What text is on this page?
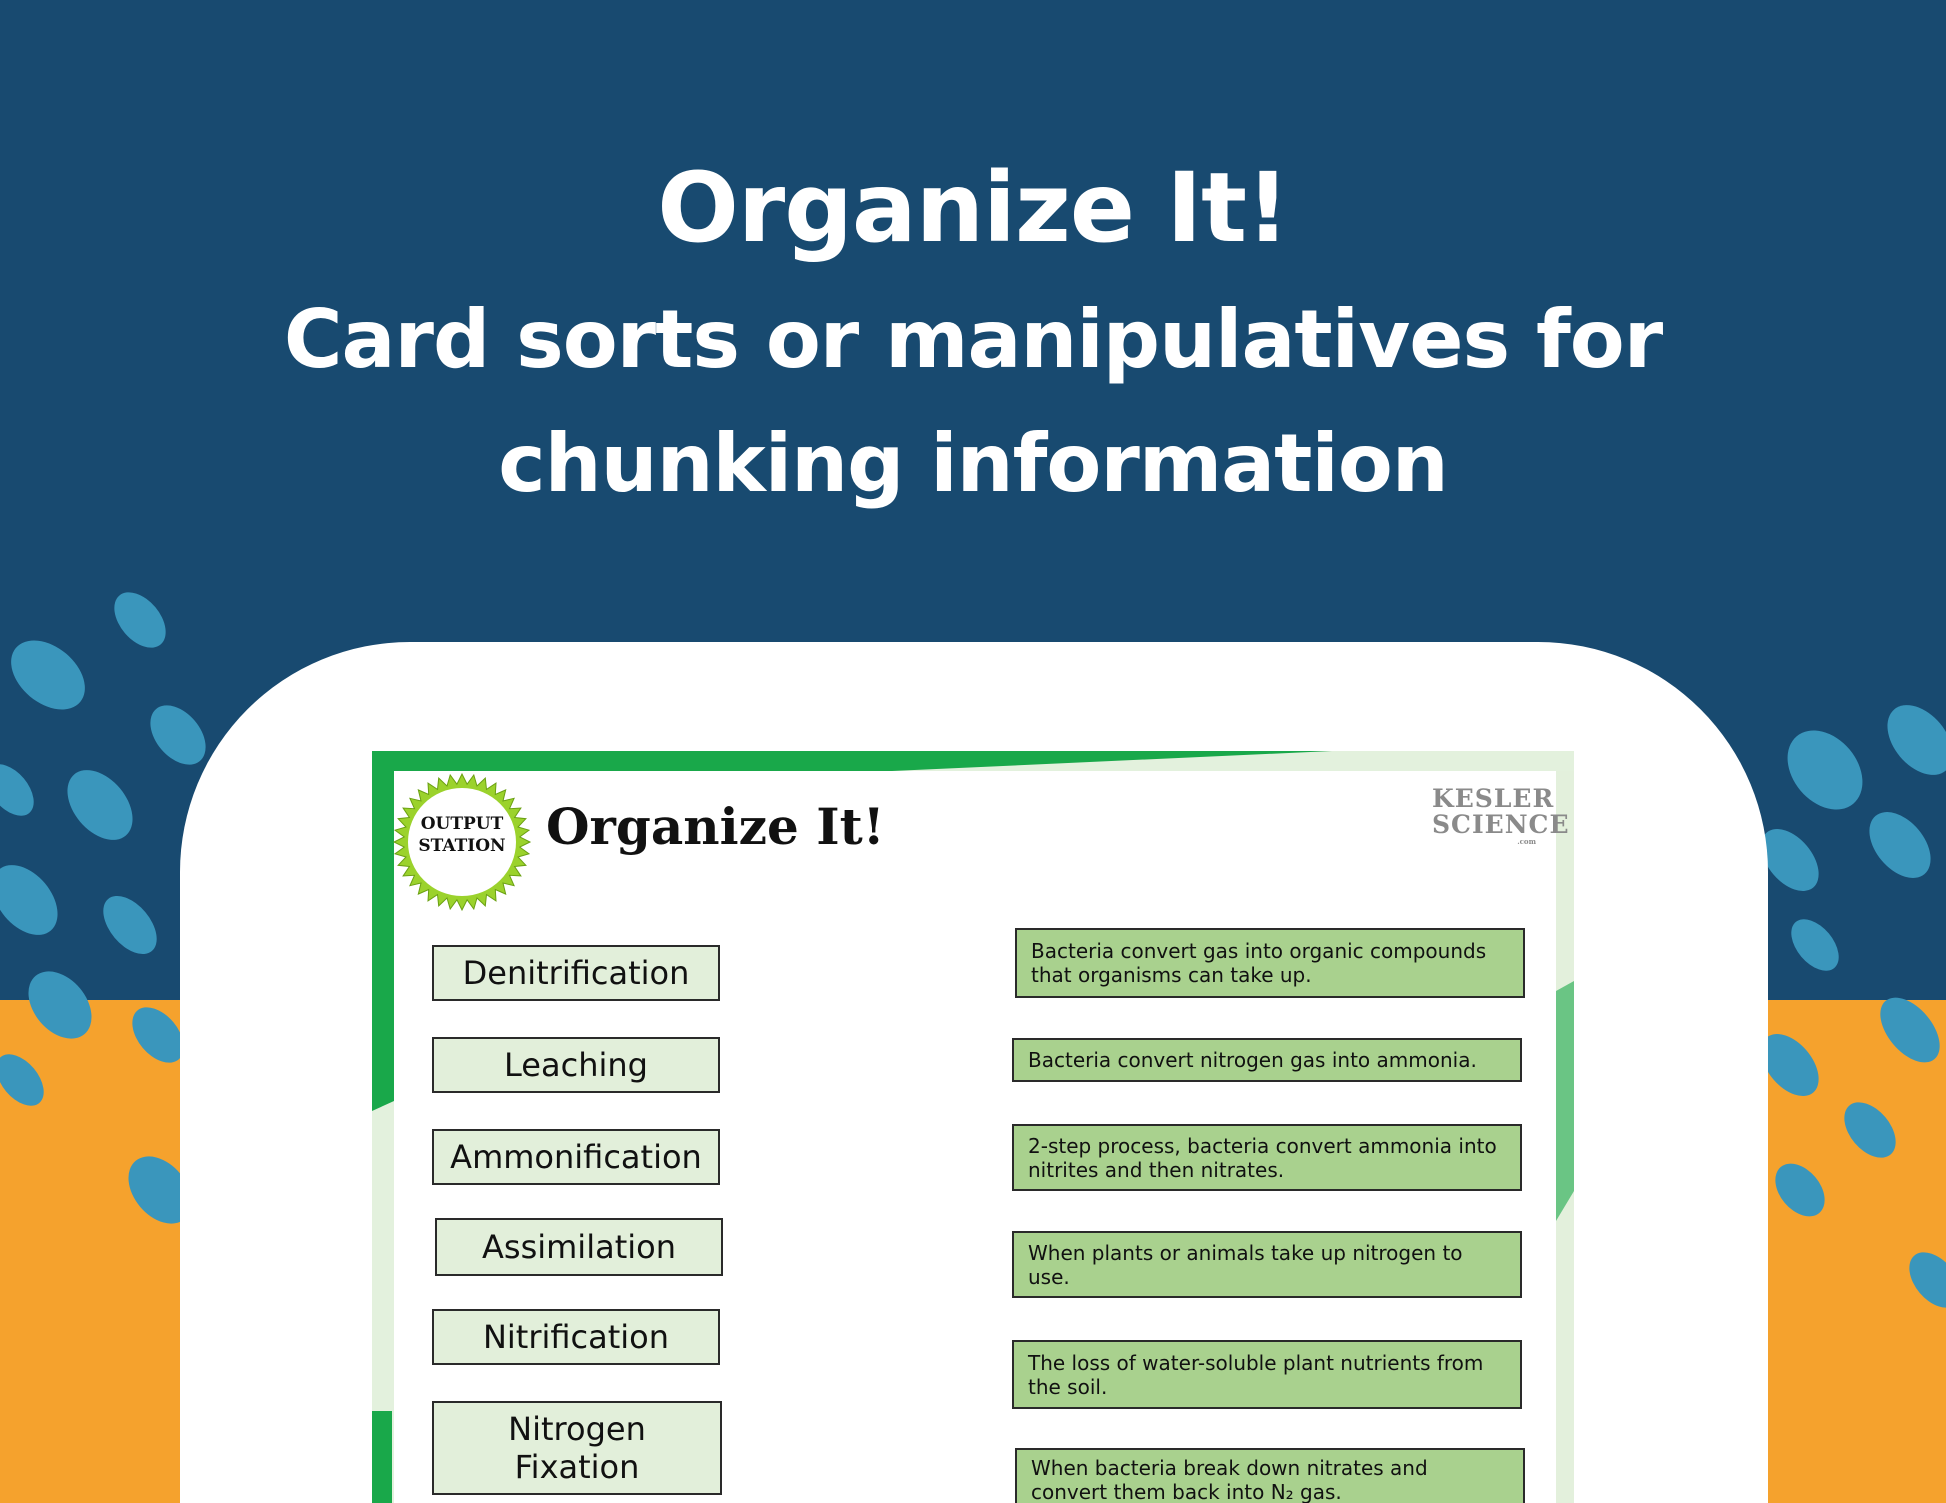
Organize It!
Card sorts or manipulatives for
chunking information
OUTPUT
STATION Organize It!	KESLER
SCIENCE
.com
Denitrification
Leaching
Ammonification
Assimilation
Nitrification
Nitrogen Fixation
Bacteria convert gas into organic compounds that organisms can take up.
Bacteria convert nitrogen gas into ammonia.
2-step process, bacteria convert ammonia into nitrites and then nitrates.
When plants or animals take up nitrogen to use.
The loss of water-soluble plant nutrients from the soil.
When bacteria break down nitrates and convert them back into N₂ gas.
